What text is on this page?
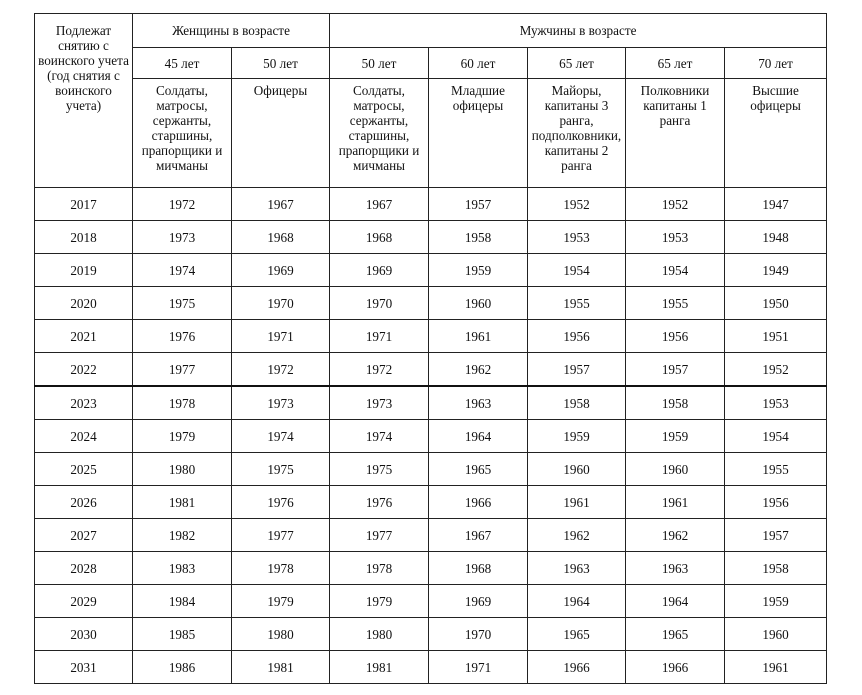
Подлежат снятию с воинского учета (год снятия с воинского учета)	Женщины в возрасте		Мужчины в возрасте				
	45 лет	50 лет	50 лет	60 лет	65 лет	65 лет	70 лет
	Солдаты, матросы, сержанты, старшины, прапорщики и мичманы	Офицеры	Солдаты, матросы, сержанты, старшины, прапорщики и мичманы	Младшие офицеры	Майоры, капитаны 3 ранга, подполковники, капитаны 2 ранга	Полковники капитаны 1 ранга	Высшие офицеры
2017	1972	1967	1967	1957	1952	1952	1947
2018	1973	1968	1968	1958	1953	1953	1948
2019	1974	1969	1969	1959	1954	1954	1949
2020	1975	1970	1970	1960	1955	1955	1950
2021	1976	1971	1971	1961	1956	1956	1951
2022	1977	1972	1972	1962	1957	1957	1952
2023	1978	1973	1973	1963	1958	1958	1953
2024	1979	1974	1974	1964	1959	1959	1954
2025	1980	1975	1975	1965	1960	1960	1955
2026	1981	1976	1976	1966	1961	1961	1956
2027	1982	1977	1977	1967	1962	1962	1957
2028	1983	1978	1978	1968	1963	1963	1958
2029	1984	1979	1979	1969	1964	1964	1959
2030	1985	1980	1980	1970	1965	1965	1960
2031	1986	1981	1981	1971	1966	1966	1961
